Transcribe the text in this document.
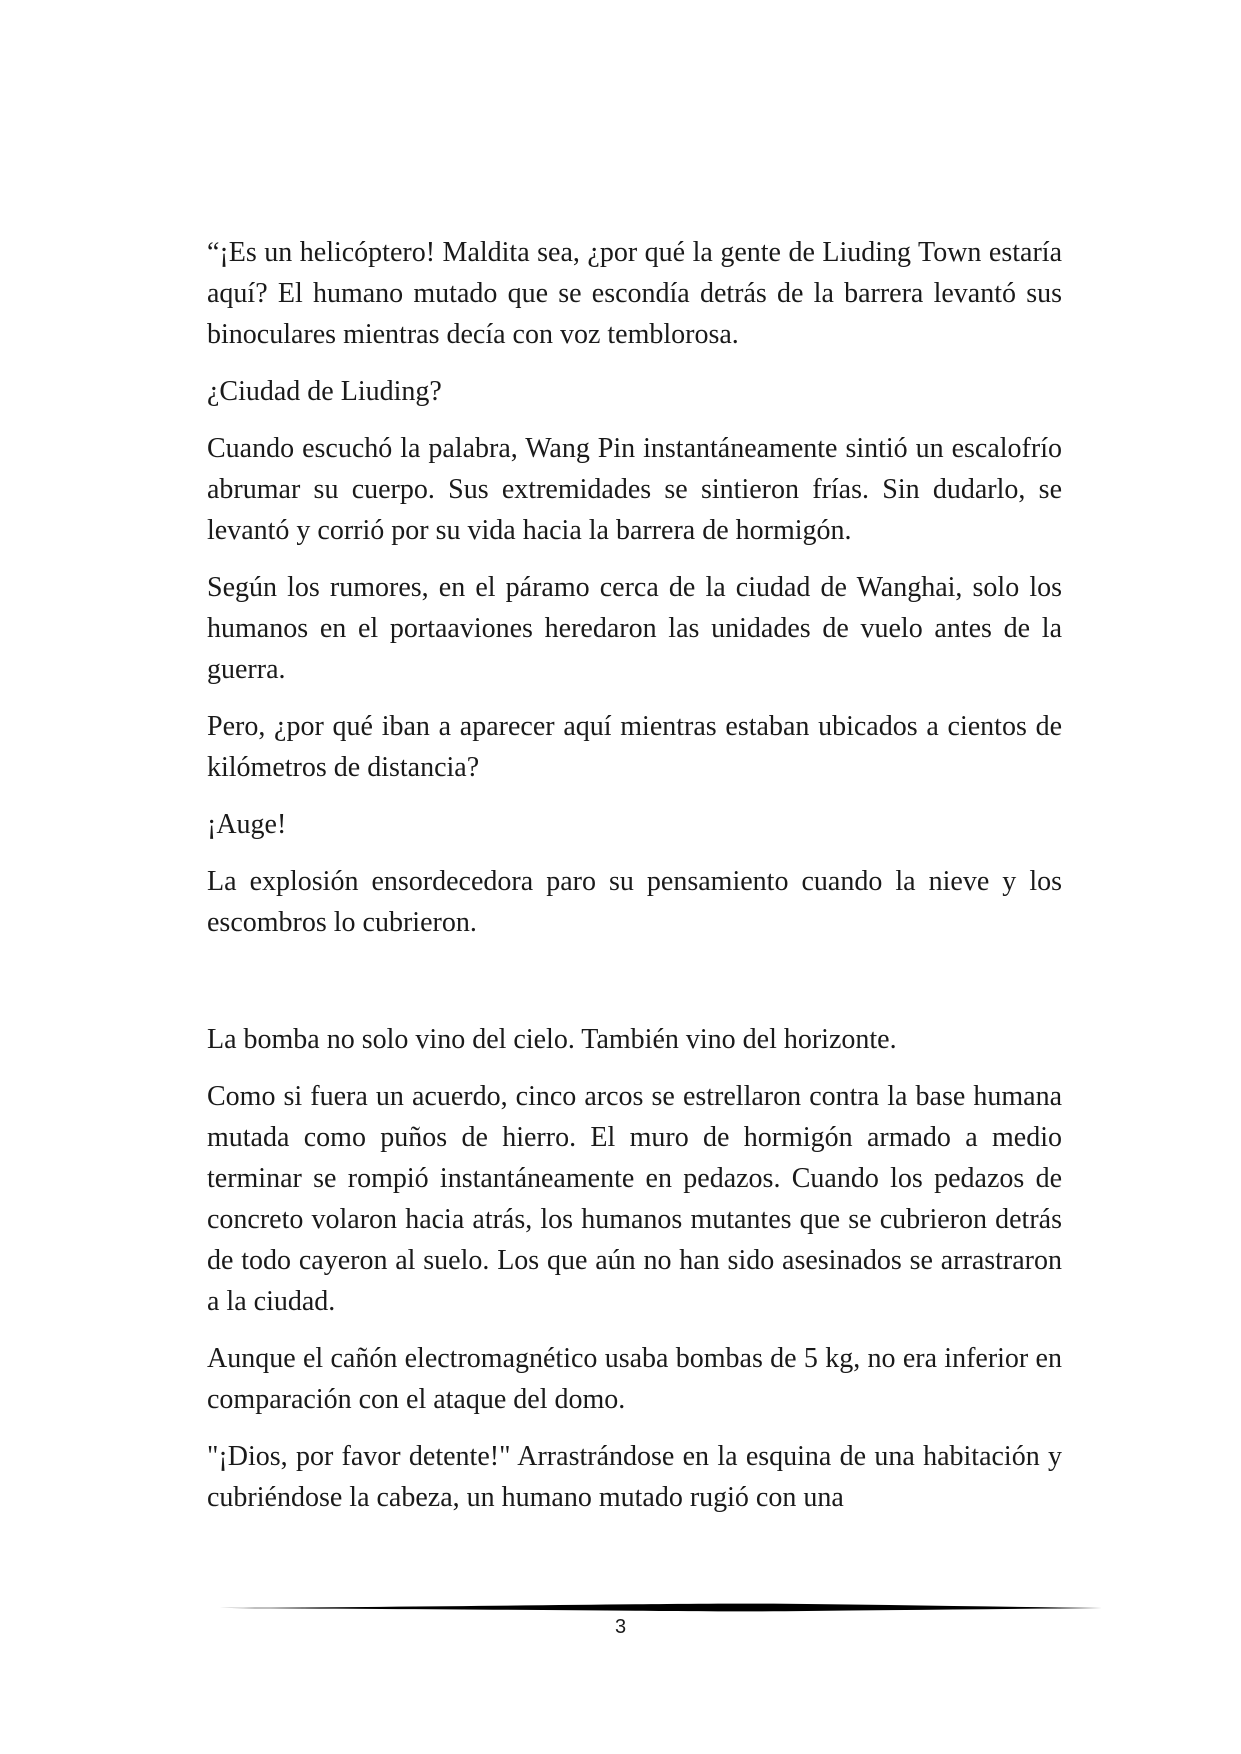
“¡Es un helicóptero! Maldita sea, ¿por qué la gente de Liuding Town estaría aquí? El humano mutado que se escondía detrás de la barrera levantó sus binoculares mientras decía con voz temblorosa.

¿Ciudad de Liuding?

Cuando escuchó la palabra, Wang Pin instantáneamente sintió un escalofrío abrumar su cuerpo. Sus extremidades se sintieron frías. Sin dudarlo, se levantó y corrió por su vida hacia la barrera de hormigón.

Según los rumores, en el páramo cerca de la ciudad de Wanghai, solo los humanos en el portaaviones heredaron las unidades de vuelo antes de la guerra.

Pero, ¿por qué iban a aparecer aquí mientras estaban ubicados a cientos de kilómetros de distancia?

¡Auge!

La explosión ensordecedora paro su pensamiento cuando la nieve y los escombros lo cubrieron.

La bomba no solo vino del cielo. También vino del horizonte.

Como si fuera un acuerdo, cinco arcos se estrellaron contra la base humana mutada como puños de hierro. El muro de hormigón armado a medio terminar se rompió instantáneamente en pedazos. Cuando los pedazos de concreto volaron hacia atrás, los humanos mutantes que se cubrieron detrás de todo cayeron al suelo. Los que aún no han sido asesinados se arrastraron a la ciudad.

Aunque el cañón electromagnético usaba bombas de 5 kg, no era inferior en comparación con el ataque del domo.

"¡Dios, por favor detente!" Arrastrándose en la esquina de una habitación y cubriéndose la cabeza, un humano mutado rugió con una

3
